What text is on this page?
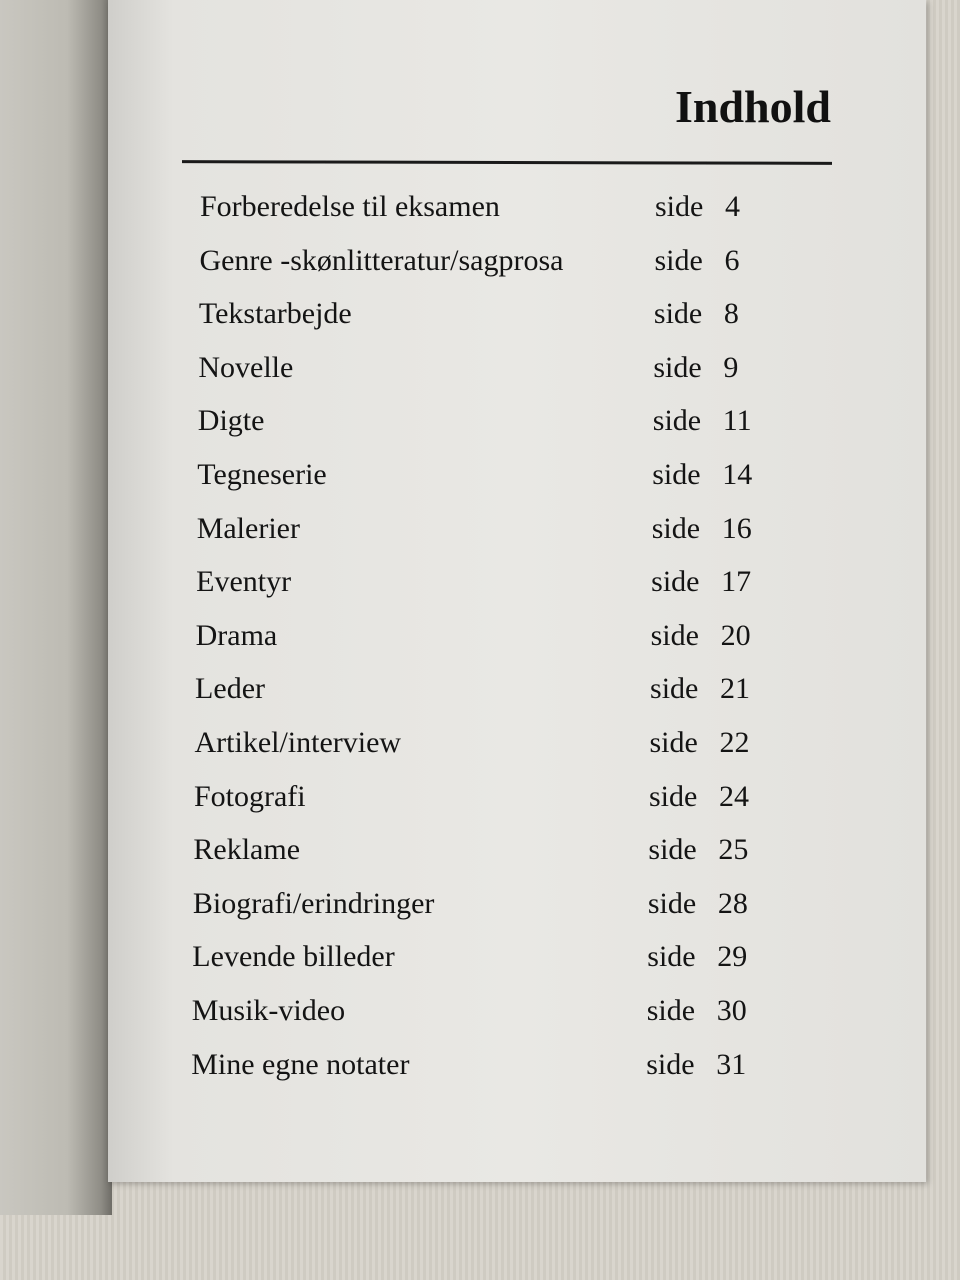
Indhold
Forberedelse til eksamen	side 4
Genre -skønlitteratur/sagprosa	side 6
Tekstarbejde	side 8
Novelle	side 9
Digte	side 11
Tegneserie	side 14
Malerier	side 16
Eventyr	side 17
Drama	side 20
Leder	side 21
Artikel/interview	side 22
Fotografi	side 24
Reklame	side 25
Biografi/erindringer	side 28
Levende billeder	side 29
Musik-video	side 30
Mine egne notater	side 31
